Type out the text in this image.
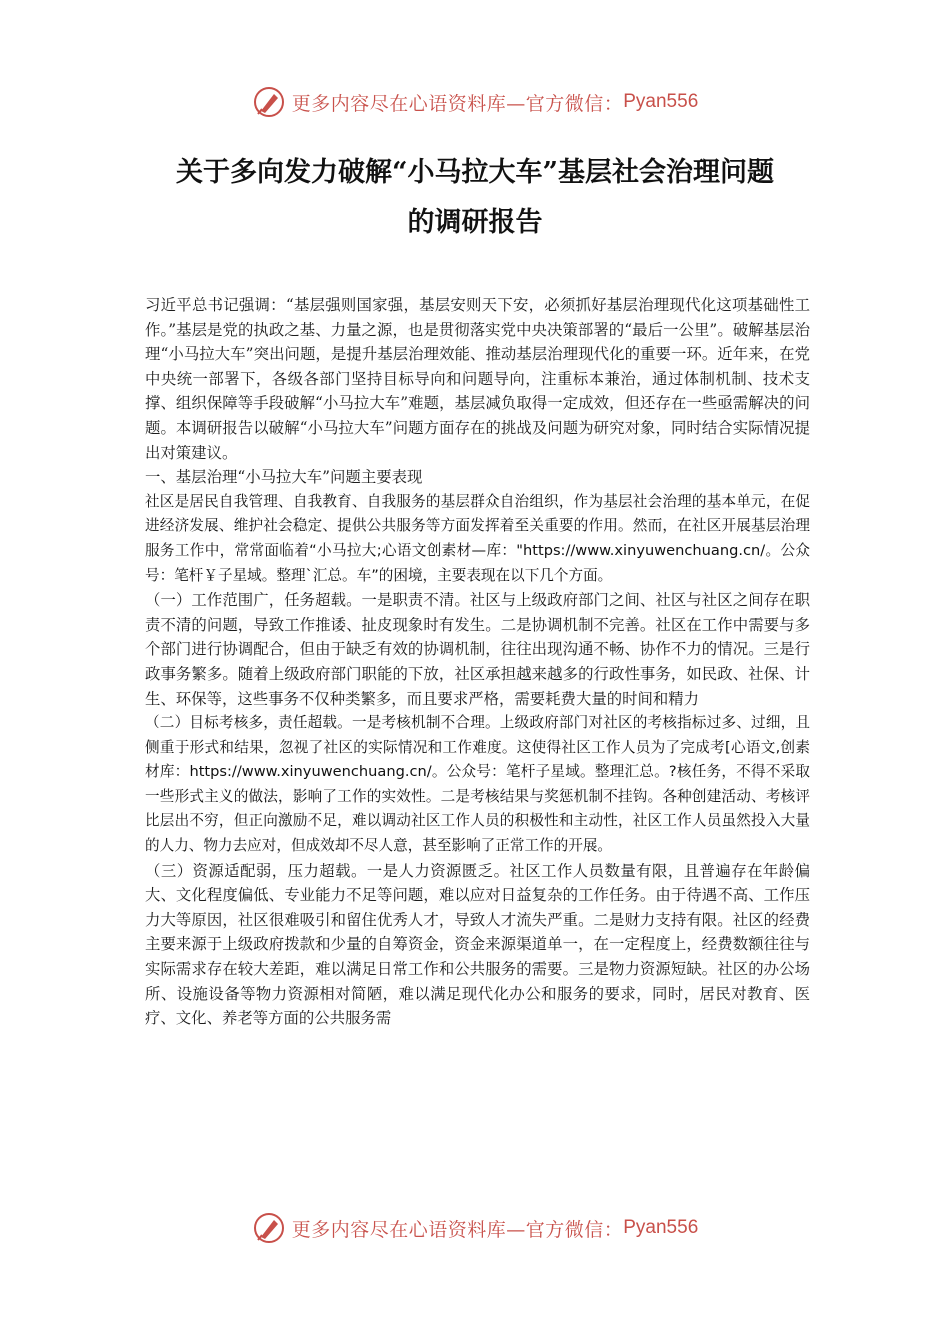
更多内容尽在心语资料库—官方微信： Pyan556
关于多向发力破解“小马拉大车”基层社会治理问题
的调研报告

习近平总书记强调：“基层强则国家强，基层安则天下安，必须抓好基层治理现代化这项基础性工作。”基层是党的执政之基、力量之源，也是贯彻落实党中央决策部署的“最后一公里”。破解基层治理“小马拉大车”突出问题，是提升基层治理效能、推动基层治理现代化的重要一环。近年来，在党中央统一部署下，各级各部门坚持目标导向和问题导向，注重标本兼治，通过体制机制、技术支撑、组织保障等手段破解“小马拉大车”难题，基层减负取得一定成效，但还存在一些亟需解决的问题。本调研报告以破解“小马拉大车”问题方面存在的挑战及问题为研究对象，同时结合实际情况提出对策建议。

一、基层治理“小马拉大车”问题主要表现

社区是居民自我管理、自我教育、自我服务的基层群众自治组织，作为基层社会治理的基本单元，在促进经济发展、维护社会稳定、提供公共服务等方面发挥着至关重要的作用。然而，在社区开展基层治理服务工作中，常常面临着“小马拉大;心语文创素材—库："https://www.xinyuwenchuang.cn/。公众号：笔杆￥子星域。整理`汇总。车”的困境，主要表现在以下几个方面。

（一）工作范围广，任务超载。一是职责不清。社区与上级政府部门之间、社区与社区之间存在职责不清的问题，导致工作推诿、扯皮现象时有发生。二是协调机制不完善。社区在工作中需要与多个部门进行协调配合，但由于缺乏有效的协调机制，往往出现沟通不畅、协作不力的情况。三是行政事务繁多。随着上级政府部门职能的下放，社区承担越来越多的行政性事务，如民政、社保、计生、环保等，这些事务不仅种类繁多，而且要求严格，需要耗费大量的时间和精力

（二）目标考核多，责任超载。一是考核机制不合理。上级政府部门对社区的考核指标过多、过细，且侧重于形式和结果，忽视了社区的实际情况和工作难度。这使得社区工作人员为了完成考[心语文,创素材库：https://www.xinyuwenchuang.cn/。公众号：笔杆子星域。整理汇总。?核任务，不得不采取一些形式主义的做法，影响了工作的实效性。二是考核结果与奖惩机制不挂钩。各种创建活动、考核评比层出不穷，但正向激励不足，难以调动社区工作人员的积极性和主动性，社区工作人员虽然投入大量的人力、物力去应对，但成效却不尽人意，甚至影响了正常工作的开展。

（三）资源适配弱，压力超载。一是人力资源匮乏。社区工作人员数量有限，且普遍存在年龄偏大、文化程度偏低、专业能力不足等问题，难以应对日益复杂的工作任务。由于待遇不高、工作压力大等原因，社区很难吸引和留住优秀人才，导致人才流失严重。二是财力支持有限。社区的经费主要来源于上级政府拨款和少量的自筹资金，资金来源渠道单一，在一定程度上，经费数额往往与实际需求存在较大差距，难以满足日常工作和公共服务的需要。三是物力资源短缺。社区的办公场所、设施设备等物力资源相对简陋，难以满足现代化办公和服务的要求，同时，居民对教育、医疗、文化、养老等方面的公共服务需

更多内容尽在心语资料库—官方微信： Pyan556
